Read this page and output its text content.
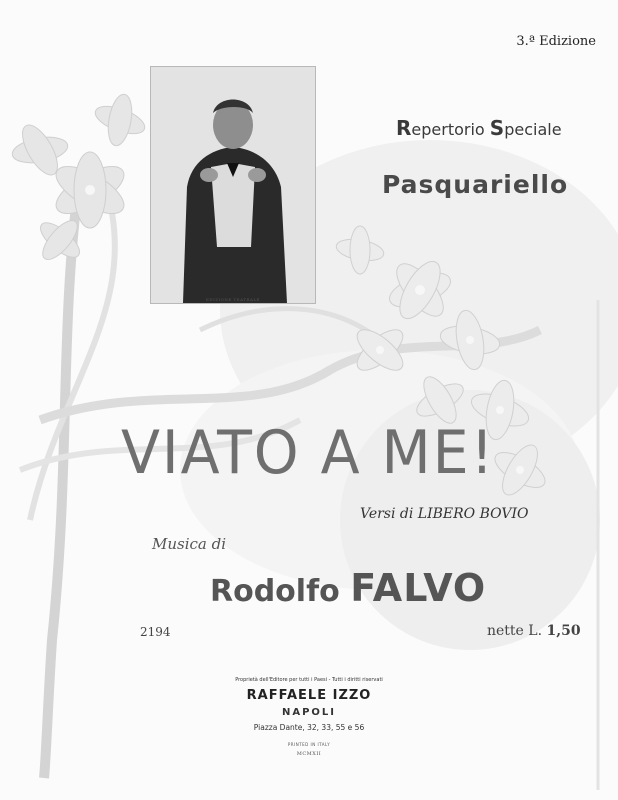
3.ª Edizione
EDIZIONE TEATRALE
Repertorio Speciale
Pasquariello
VIATO A ME!
Versi di LIBERO BOVIO
Musica di
Rodolfo FALVO
2194	nette L. 1,50
Proprietà dell'Editore per tutti i Paesi - Tutti i diritti riservati
RAFFAELE IZZO
NAPOLI
Piazza Dante, 32, 33, 55 e 56
PRINTED IN ITALY
MCMXII
